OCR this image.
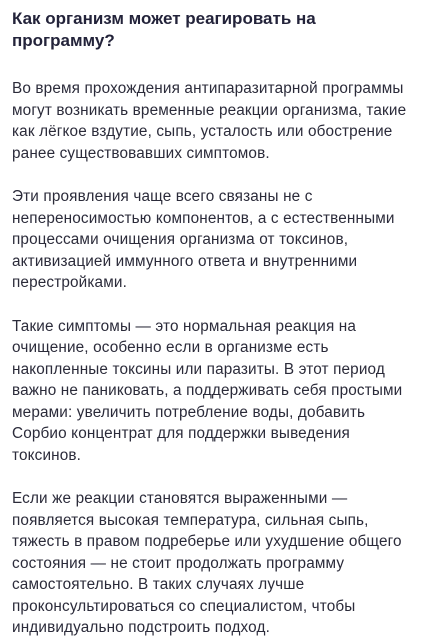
Как организм может реагировать на программу?

Во время прохождения антипаразитарной программы могут возникать временные реакции организма, такие как лёгкое вздутие, сыпь, усталость или обострение ранее существовавших симптомов.

Эти проявления чаще всего связаны не с непереносимостью компонентов, а с естественными процессами очищения организма от токсинов, активизацией иммунного ответа и внутренними перестройками.

Такие симптомы — это нормальная реакция на очищение, особенно если в организме есть накопленные токсины или паразиты. В этот период важно не паниковать, а поддерживать себя простыми мерами: увеличить потребление воды, добавить Сорбио концентрат для поддержки выведения токсинов.

Если же реакции становятся выраженными — появляется высокая температура, сильная сыпь, тяжесть в правом подреберье или ухудшение общего состояния — не стоит продолжать программу самостоятельно. В таких случаях лучше проконсультироваться со специалистом, чтобы индивидуально подстроить подход.
